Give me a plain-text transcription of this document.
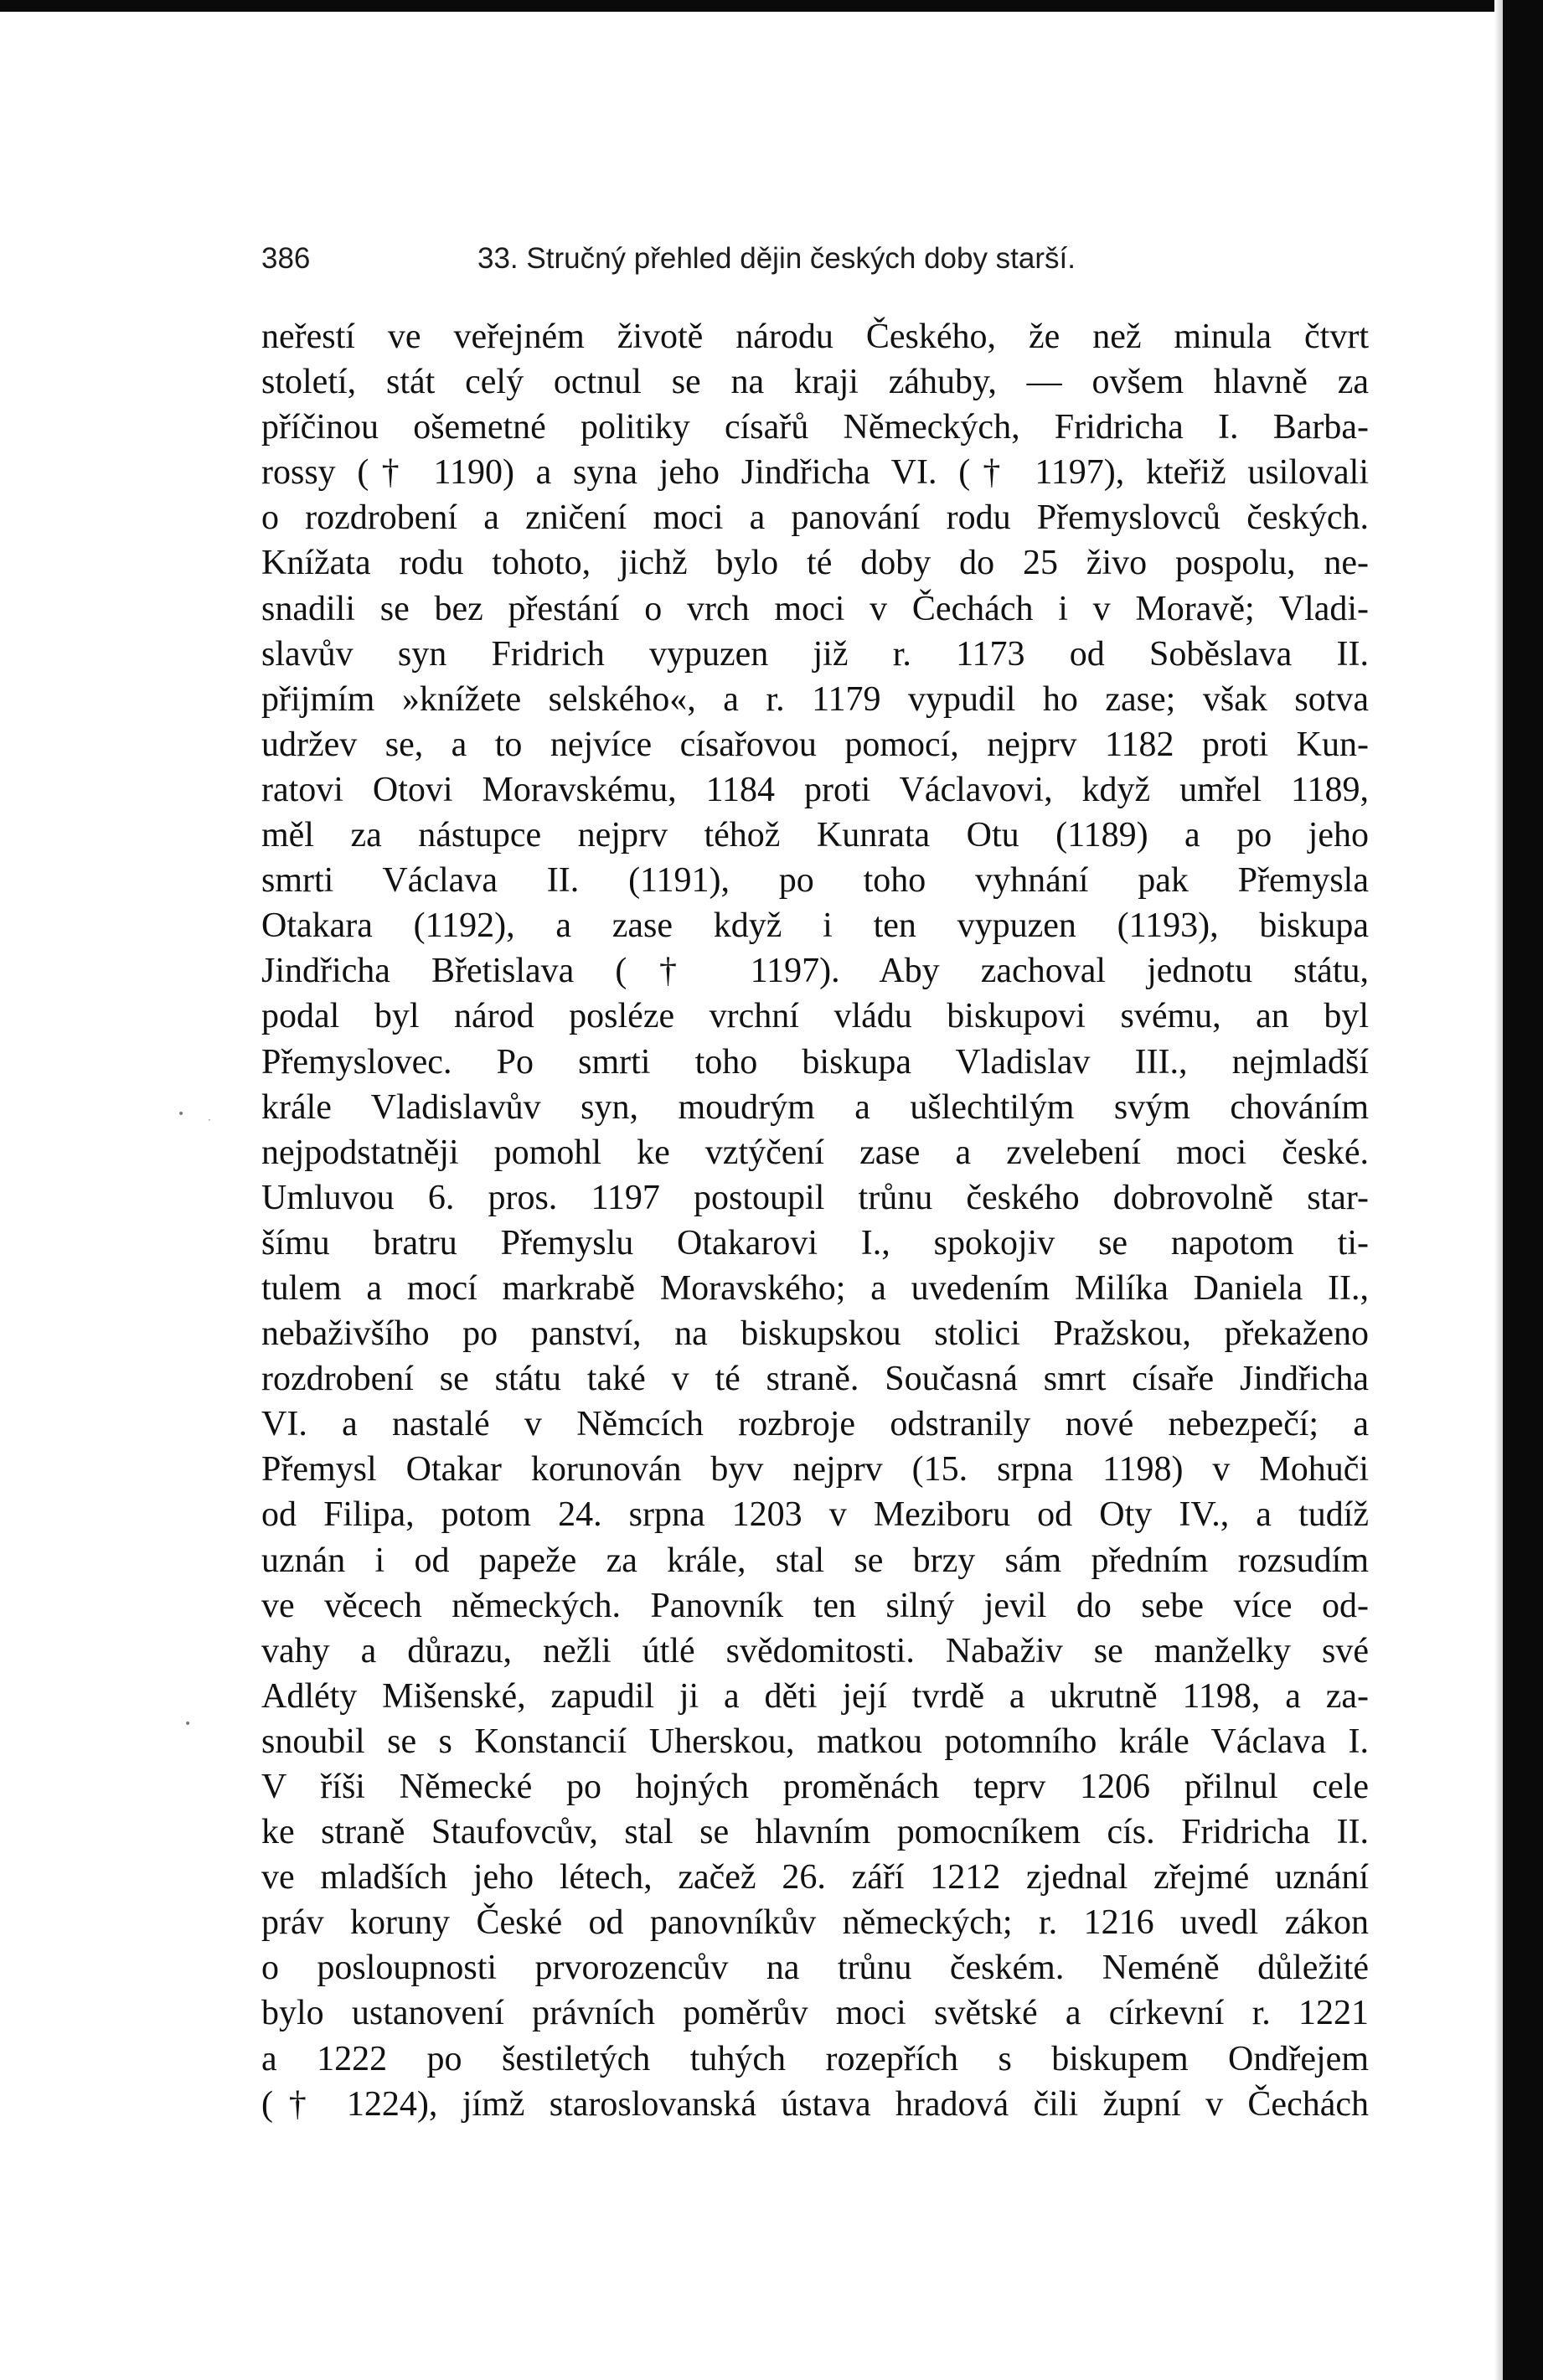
386	33. Stručný přehled dějin českých doby starší.
• ·
•
neřestí ve veřejném životě národu Českého, že než minula čtvrt
století, stát celý octnul se na kraji záhuby, — ovšem hlavně za
příčinou ošemetné politiky císařů Německých, Fridricha I. Barba-
rossy († 1190) a syna jeho Jindřicha VI. († 1197), kteřiž usilovali
o rozdrobení a zničení moci a panování rodu Přemyslovců českých.
Knížata rodu tohoto, jichž bylo té doby do 25 živo pospolu, ne-
snadili se bez přestání o vrch moci v Čechách i v Moravě; Vladi-
slavův syn Fridrich vypuzen již r. 1173 od Soběslava II.
přijmím »knížete selského«, a r. 1179 vypudil ho zase; však sotva
udržev se, a to nejvíce císařovou pomocí, nejprv 1182 proti Kun-
ratovi Otovi Moravskému, 1184 proti Václavovi, když umřel 1189,
měl za nástupce nejprv téhož Kunrata Otu (1189) a po jeho
smrti Václava II. (1191), po toho vyhnání pak Přemysla
Otakara (1192), a zase když i ten vypuzen (1193), biskupa
Jindřicha Břetislava († 1197). Aby zachoval jednotu státu,
podal byl národ posléze vrchní vládu biskupovi svému, an byl
Přemyslovec. Po smrti toho biskupa Vladislav III., nejmladší
krále Vladislavův syn, moudrým a ušlechtilým svým chováním
nejpodstatněji pomohl ke vztýčení zase a zvelebení moci české.
Umluvou 6. pros. 1197 postoupil trůnu českého dobrovolně star-
šímu bratru Přemyslu Otakarovi I., spokojiv se napotom ti-
tulem a mocí markrabě Moravského; a uvedením Milíka Daniela II.,
nebaživšího po panství, na biskupskou stolici Pražskou, překaženo
rozdrobení se státu také v té straně. Současná smrt císaře Jindřicha
VI. a nastalé v Němcích rozbroje odstranily nové nebezpečí; a
Přemysl Otakar korunován byv nejprv (15. srpna 1198) v Mohuči
od Filipa, potom 24. srpna 1203 v Meziboru od Oty IV., a tudíž
uznán i od papeže za krále, stal se brzy sám předním rozsudím
ve věcech německých. Panovník ten silný jevil do sebe více od-
vahy a důrazu, nežli útlé svědomitosti. Nabaživ se manželky své
Adléty Mišenské, zapudil ji a děti její tvrdě a ukrutně 1198, a za-
snoubil se s Konstancií Uherskou, matkou potomního krále Václava I.
V říši Německé po hojných proměnách teprv 1206 přilnul cele
ke straně Staufovcův, stal se hlavním pomocníkem cís. Fridricha II.
ve mladších jeho létech, začež 26. září 1212 zjednal zřejmé uznání
práv koruny České od panovníkův německých; r. 1216 uvedl zákon
o posloupnosti prvorozencův na trůnu českém. Neméně důležité
bylo ustanovení právních poměrův moci světské a církevní r. 1221
a 1222 po šestiletých tuhých rozepřích s biskupem Ondřejem
(† 1224), jímž staroslovanská ústava hradová čili župní v Čechách
